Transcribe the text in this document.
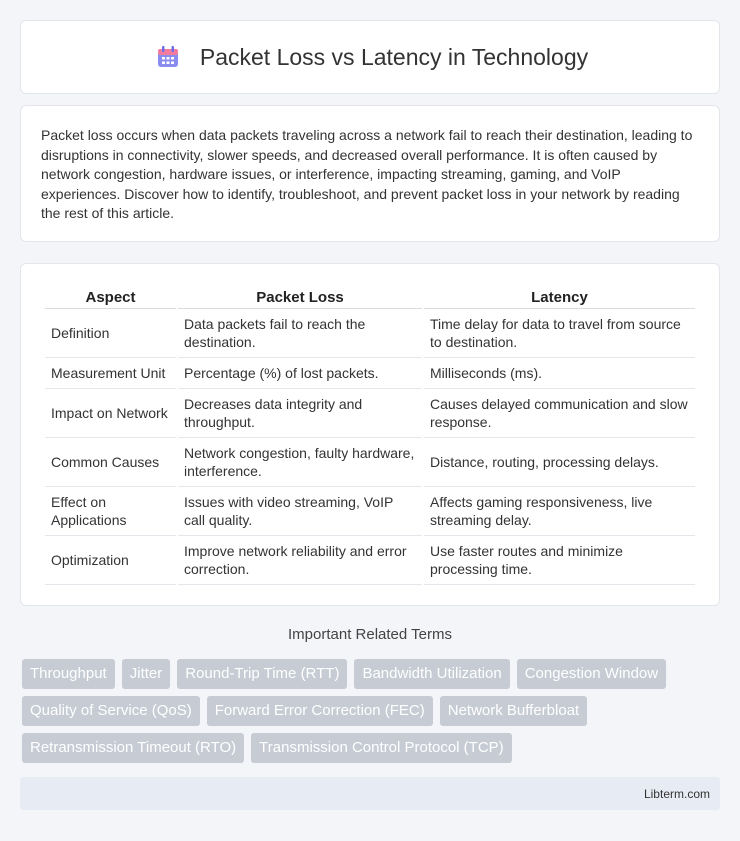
Packet Loss vs Latency in Technology

Packet loss occurs when data packets traveling across a network fail to reach their destination, leading to disruptions in connectivity, slower speeds, and decreased overall performance. It is often caused by network congestion, hardware issues, or interference, impacting streaming, gaming, and VoIP experiences. Discover how to identify, troubleshoot, and prevent packet loss in your network by reading the rest of this article.

Aspect	Packet Loss	Latency
Definition	Data packets fail to reach the destination.	Time delay for data to travel from source to destination.
Measurement Unit	Percentage (%) of lost packets.	Milliseconds (ms).
Impact on Network	Decreases data integrity and throughput.	Causes delayed communication and slow response.
Common Causes	Network congestion, faulty hardware, interference.	Distance, routing, processing delays.
Effect on Applications	Issues with video streaming, VoIP call quality.	Affects gaming responsiveness, live streaming delay.
Optimization	Improve network reliability and error correction.	Use faster routes and minimize processing time.
Important Related Terms
Throughput	Jitter	Round-Trip Time (RTT)	Bandwidth Utilization	Congestion Window
Quality of Service (QoS)	Forward Error Correction (FEC)	Network Bufferbloat
Retransmission Timeout (RTO)	Transmission Control Protocol (TCP)
Libterm.com
